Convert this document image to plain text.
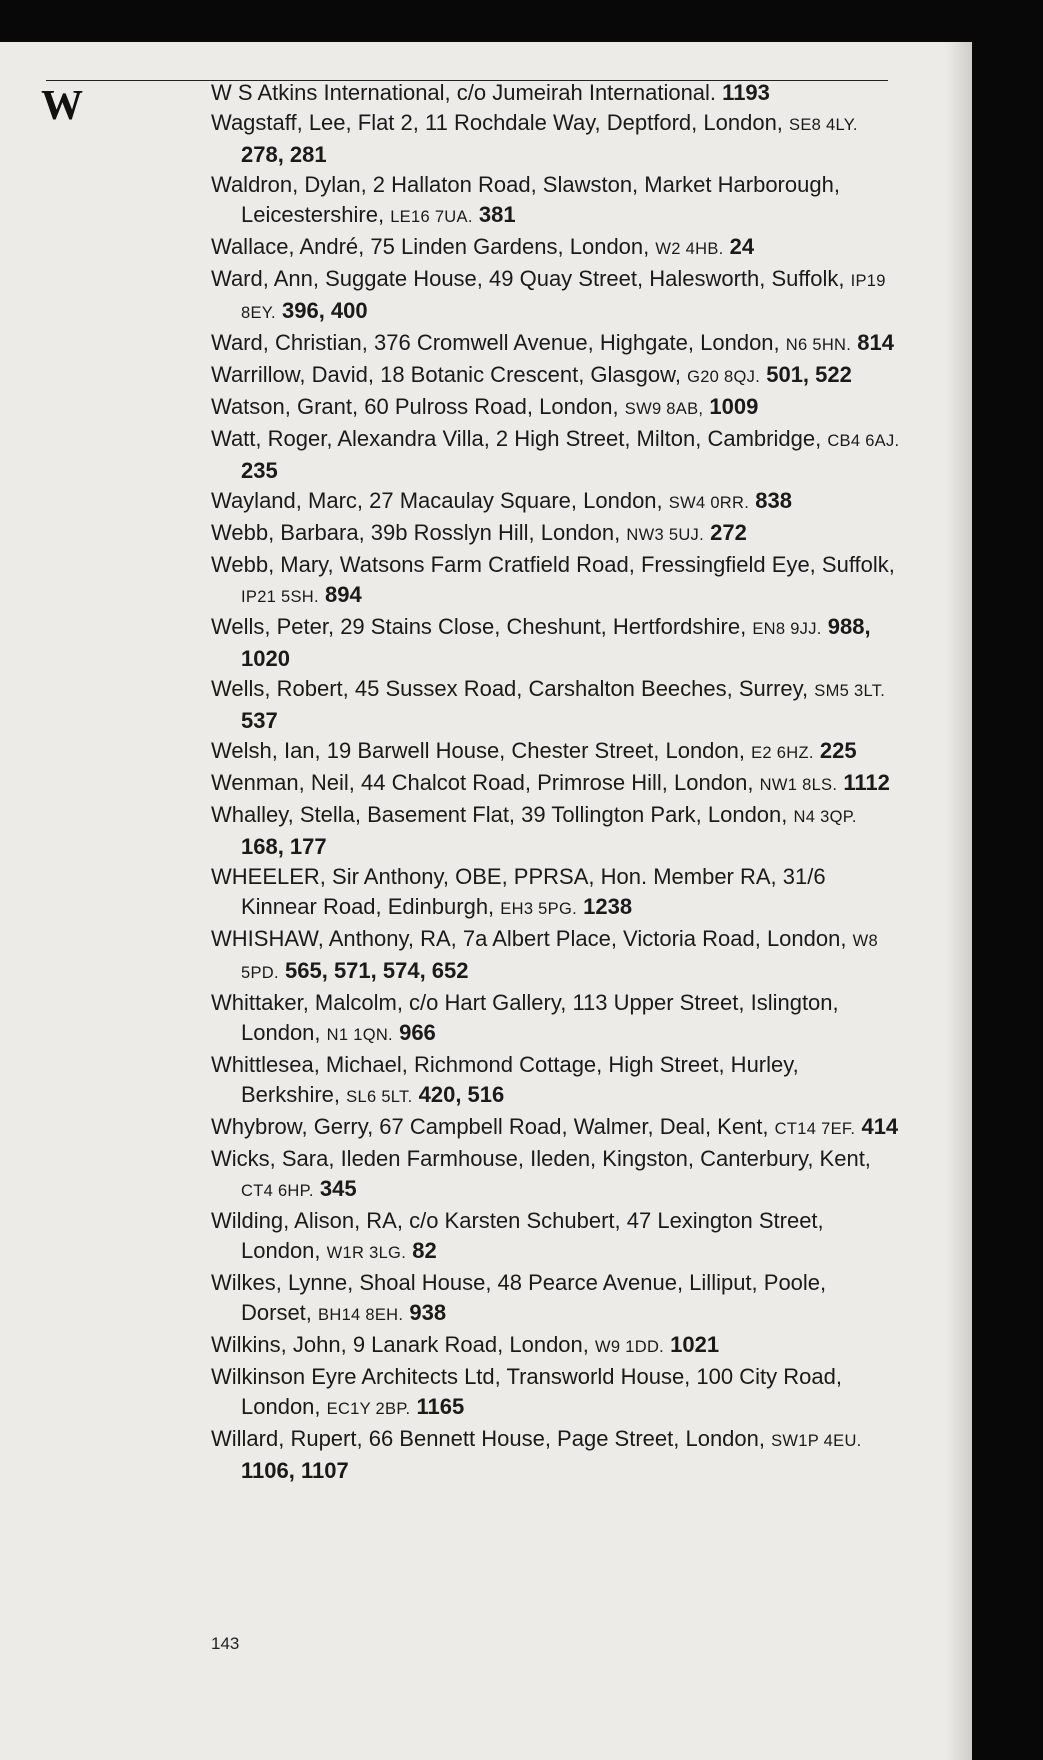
W	W S Atkins International, c/o Jumeirah International. 1193
Wagstaff, Lee, Flat 2, 11 Rochdale Way, Deptford, London, SE8 4LY. 278, 281
Waldron, Dylan, 2 Hallaton Road, Slawston, Market Harborough, Leicestershire, LE16 7UA. 381
Wallace, André, 75 Linden Gardens, London, W2 4HB. 24
Ward, Ann, Suggate House, 49 Quay Street, Halesworth, Suffolk, IP19 8EY. 396, 400
Ward, Christian, 376 Cromwell Avenue, Highgate, London, N6 5HN. 814
Warrillow, David, 18 Botanic Crescent, Glasgow, G20 8QJ. 501, 522
Watson, Grant, 60 Pulross Road, London, SW9 8AB, 1009
Watt, Roger, Alexandra Villa, 2 High Street, Milton, Cambridge, CB4 6AJ. 235
Wayland, Marc, 27 Macaulay Square, London, SW4 0RR. 838
Webb, Barbara, 39b Rosslyn Hill, London, NW3 5UJ. 272
Webb, Mary, Watsons Farm Cratfield Road, Fressingfield Eye, Suffolk, IP21 5SH. 894
Wells, Peter, 29 Stains Close, Cheshunt, Hertfordshire, EN8 9JJ. 988, 1020
Wells, Robert, 45 Sussex Road, Carshalton Beeches, Surrey, SM5 3LT. 537
Welsh, Ian, 19 Barwell House, Chester Street, London, E2 6HZ. 225
Wenman, Neil, 44 Chalcot Road, Primrose Hill, London, NW1 8LS. 1112
Whalley, Stella, Basement Flat, 39 Tollington Park, London, N4 3QP. 168, 177
WHEELER, Sir Anthony, OBE, PPRSA, Hon. Member RA, 31/6 Kinnear Road, Edinburgh, EH3 5PG. 1238
WHISHAW, Anthony, RA, 7a Albert Place, Victoria Road, London, W8 5PD. 565, 571, 574, 652
Whittaker, Malcolm, c/o Hart Gallery, 113 Upper Street, Islington, London, N1 1QN. 966
Whittlesea, Michael, Richmond Cottage, High Street, Hurley, Berkshire, SL6 5LT. 420, 516
Whybrow, Gerry, 67 Campbell Road, Walmer, Deal, Kent, CT14 7EF. 414
Wicks, Sara, Ileden Farmhouse, Ileden, Kingston, Canterbury, Kent, CT4 6HP. 345
Wilding, Alison, RA, c/o Karsten Schubert, 47 Lexington Street, London, W1R 3LG. 82
Wilkes, Lynne, Shoal House, 48 Pearce Avenue, Lilliput, Poole, Dorset, BH14 8EH. 938
Wilkins, John, 9 Lanark Road, London, W9 1DD. 1021
Wilkinson Eyre Architects Ltd, Transworld House, 100 City Road, London, EC1Y 2BP. 1165
Willard, Rupert, 66 Bennett House, Page Street, London, SW1P 4EU. 1106, 1107
143
